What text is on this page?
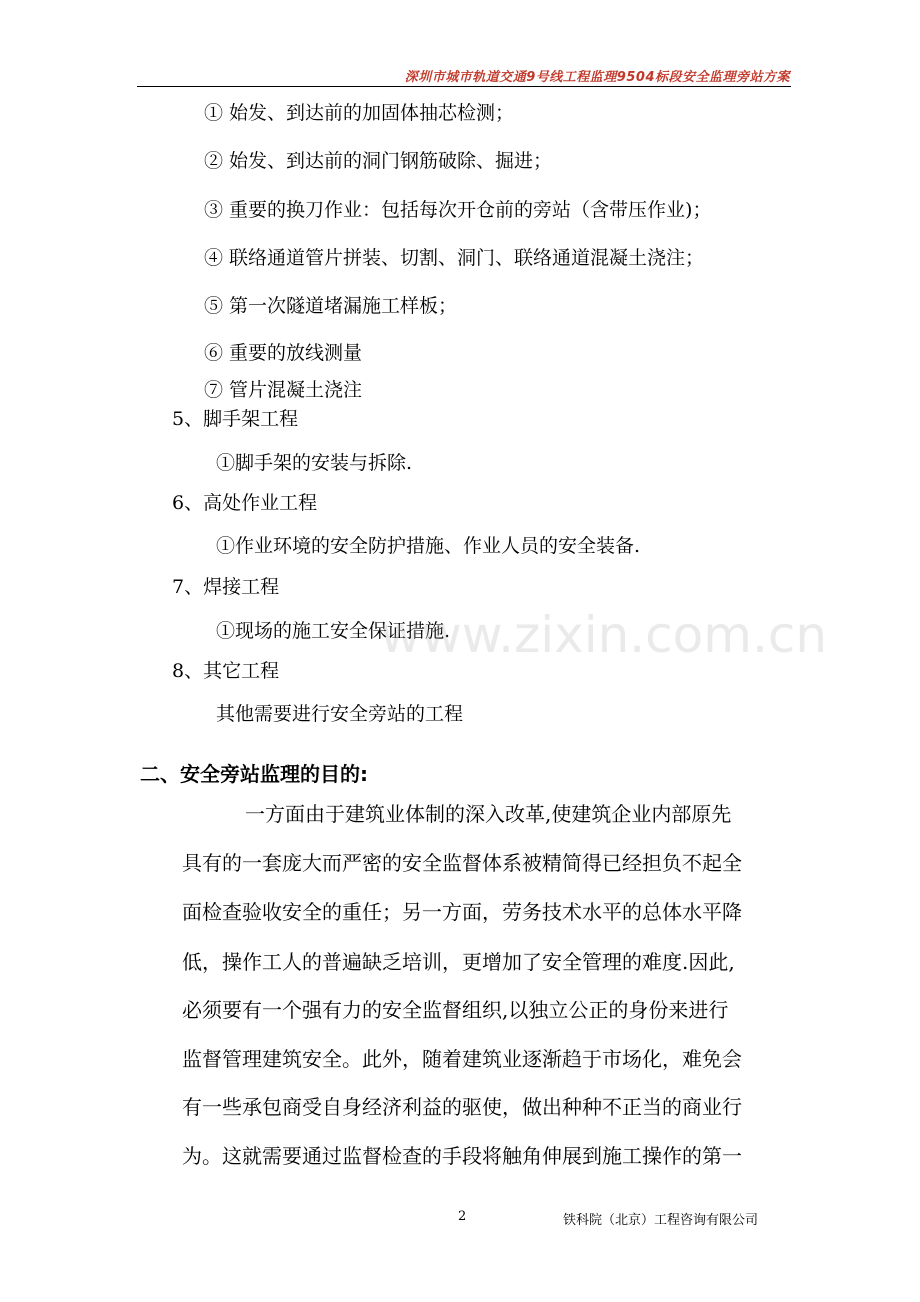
深圳市城市轨道交通9号线工程监理9504标段安全监理旁站方案
① 始发、到达前的加固体抽芯检测；
② 始发、到达前的洞门钢筋破除、掘进；
③ 重要的换刀作业：包括每次开仓前的旁站（含带压作业)；
④ 联络通道管片拼装、切割、洞门、联络通道混凝土浇注；
⑤ 第一次隧道堵漏施工样板；
⑥ 重要的放线测量
⑦ 管片混凝土浇注
5、脚手架工程
①脚手架的安装与拆除.
6、高处作业工程
①作业环境的安全防护措施、作业人员的安全装备.
7、焊接工程
①现场的施工安全保证措施.
8、其它工程
其他需要进行安全旁站的工程
二、安全旁站监理的目的:
一方面由于建筑业体制的深入改革,使建筑企业内部原先
具有的一套庞大而严密的安全监督体系被精简得已经担负不起全
面检查验收安全的重任；另一方面，劳务技术水平的总体水平降
低，操作工人的普遍缺乏培训，更增加了安全管理的难度.因此,
必须要有一个强有力的安全监督组织,以独立公正的身份来进行
监督管理建筑安全。此外，随着建筑业逐渐趋于市场化，难免会
有一些承包商受自身经济利益的驱使，做出种种不正当的商业行
为。这就需要通过监督检查的手段将触角伸展到施工操作的第一
www.zixin.com.cn
2	铁科院（北京）工程咨询有限公司
